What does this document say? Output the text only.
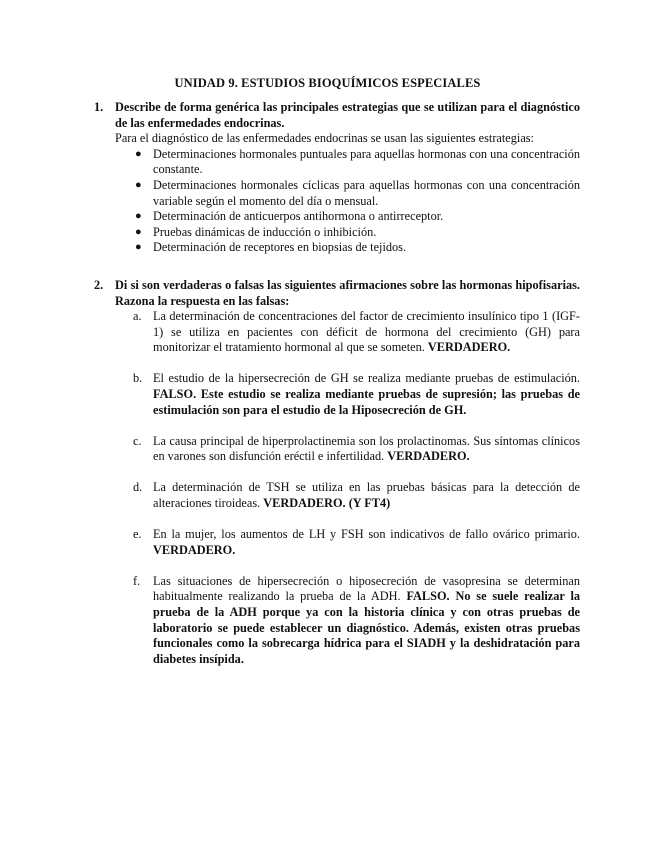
UNIDAD 9. ESTUDIOS BIOQUÍMICOS ESPECIALES
1. Describe de forma genérica las principales estrategias que se utilizan para el diagnóstico de las enfermedades endocrinas.
Para el diagnóstico de las enfermedades endocrinas se usan las siguientes estrategias:
● Determinaciones hormonales puntuales para aquellas hormonas con una concentración constante.
● Determinaciones hormonales cíclicas para aquellas hormonas con una concentración variable según el momento del día o mensual.
● Determinación de anticuerpos antihormona o antirreceptor.
● Pruebas dinámicas de inducción o inhibición.
● Determinación de receptores en biopsias de tejidos.
2. Di si son verdaderas o falsas las siguientes afirmaciones sobre las hormonas hipofisarias. Razona la respuesta en las falsas:
a. La determinación de concentraciones del factor de crecimiento insulínico tipo 1 (IGF-1) se utiliza en pacientes con déficit de hormona del crecimiento (GH) para monitorizar el tratamiento hormonal al que se someten. VERDADERO.
b. El estudio de la hipersecreción de GH se realiza mediante pruebas de estimulación. FALSO. Este estudio se realiza mediante pruebas de supresión; las pruebas de estimulación son para el estudio de la Hiposecreción de GH.
c. La causa principal de hiperprolactinemia son los prolactinomas. Sus síntomas clínicos en varones son disfunción eréctil e infertilidad. VERDADERO.
d. La determinación de TSH se utiliza en las pruebas básicas para la detección de alteraciones tiroideas. VERDADERO. (Y FT4)
e. En la mujer, los aumentos de LH y FSH son indicativos de fallo ovárico primario. VERDADERO.
f. Las situaciones de hipersecreción o hiposecreción de vasopresina se determinan habitualmente realizando la prueba de la ADH. FALSO. No se suele realizar la prueba de la ADH porque ya con la historia clínica y con otras pruebas de laboratorio se puede establecer un diagnóstico. Además, existen otras pruebas funcionales como la sobrecarga hídrica para el SIADH y la deshidratación para diabetes insípida.
